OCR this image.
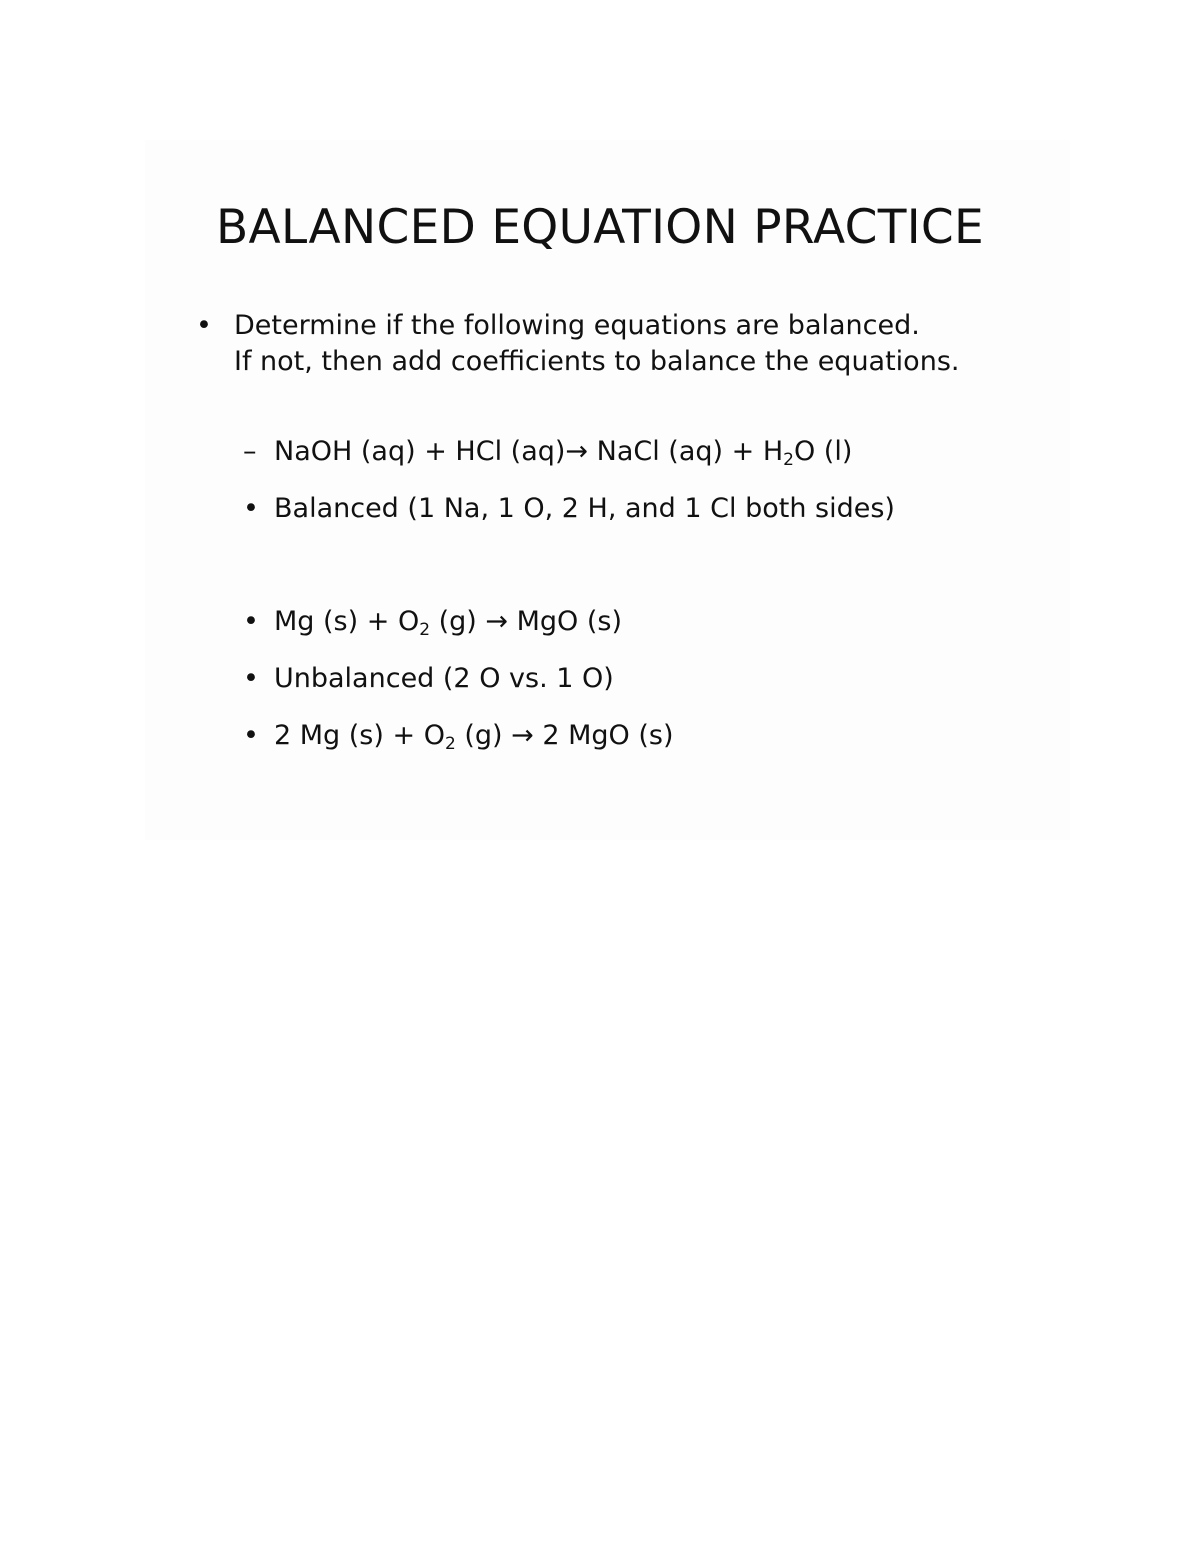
BALANCED EQUATION PRACTICE
• Determine if the following equations are balanced.
If not, then add coefficients to balance the equations.
– NaOH (aq) + HCl (aq)→ NaCl $(aq) + H_2O$ (l)
• Balanced (1 Na, 1 O, 2 H, and 1 Cl both sides)
• Mg $(s) + O_2$ (g) → MgO (s)
• Unbalanced (2 O vs. 1 O)
• 2 Mg $(s) + O_2$ (g) → 2 MgO (s)
